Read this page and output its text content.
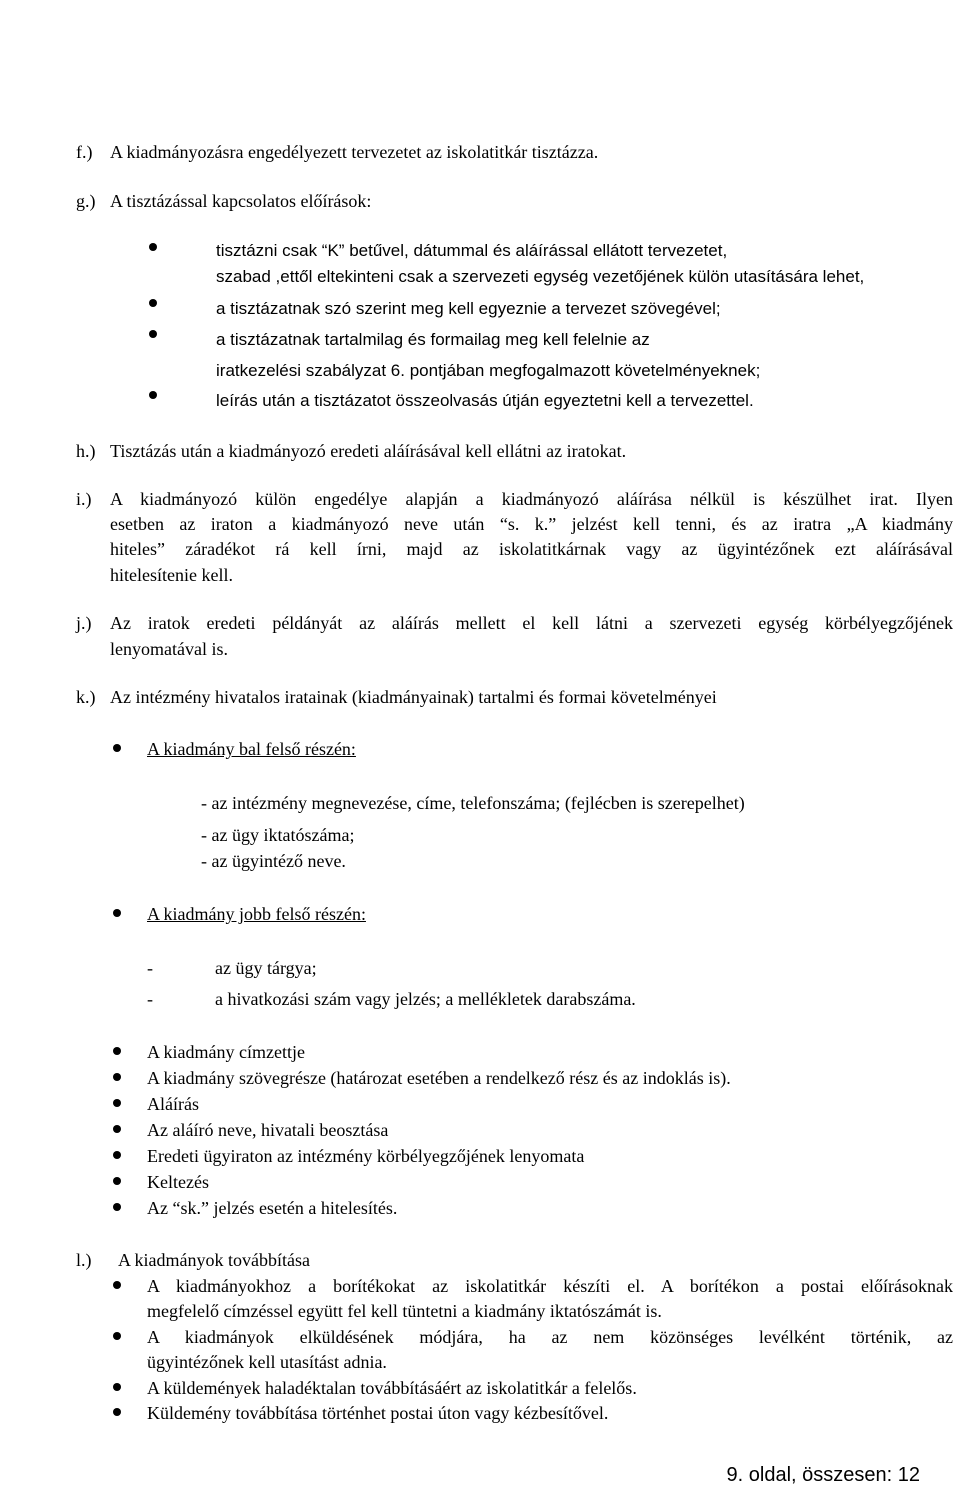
f.) A kiadmányozásra engedélyezett tervezetet az iskolatitkár tisztázza.
g.) A tisztázással kapcsolatos előírások:
tisztázni csak “K” betűvel, dátummal és aláírással ellátott tervezetet,
szabad ,ettől eltekinteni csak a szervezeti egység vezetőjének külön utasítására lehet,
a tisztázatnak szó szerint meg kell egyeznie a tervezet szövegével;
a tisztázatnak tartalmilag és formailag meg kell felelnie az
iratkezelési szabályzat 6. pontjában megfogalmazott követelményeknek;
leírás után a tisztázatot összeolvasás útján egyeztetni kell a tervezettel.
h.) Tisztázás után a kiadmányozó eredeti aláírásával kell ellátni az iratokat.
i.) A kiadmányozó külön engedélye alapján a kiadmányozó aláírása nélkül is készülhet irat. Ilyen
esetben az iraton a kiadmányozó neve után “s. k.” jelzést kell tenni, és az iratra „A kiadmány
hiteles” záradékot rá kell írni, majd az iskolatitkárnak vagy az ügyintézőnek ezt aláírásával
hitelesítenie kell.
j.) Az iratok eredeti példányát az aláírás mellett el kell látni a szervezeti egység körbélyegzőjének
lenyomatával is.
k.) Az intézmény hivatalos iratainak (kiadmányainak) tartalmi és formai követelményei
A kiadmány bal felső részén:
- az intézmény megnevezése, címe, telefonszáma; (fejlécben is szerepelhet)
- az ügy iktatószáma;
- az ügyintéző neve.
A kiadmány jobb felső részén:
-	az ügy tárgya;
-	a hivatkozási szám vagy jelzés; a mellékletek darabszáma.
A kiadmány címzettje
A kiadmány szövegrésze (határozat esetében a rendelkező rész és az indoklás is).
Aláírás
Az aláíró neve, hivatali beosztása
Eredeti ügyiraton az intézmény körbélyegzőjének lenyomata
Keltezés
Az “sk.” jelzés esetén a hitelesítés.
l.) A kiadmányok továbbítása
A kiadmányokhoz a borítékokat az iskolatitkár készíti el. A borítékon a postai előírásoknak
megfelelő címzéssel együtt fel kell tüntetni a kiadmány iktatószámát is.
A kiadmányok elküldésének módjára, ha az nem közönséges levélként történik, az
ügyintézőnek kell utasítást adnia.
A küldemények haladéktalan továbbításáért az iskolatitkár a felelős.
Küldemény továbbítása történhet postai úton vagy kézbesítővel.
9. oldal, összesen: 12
